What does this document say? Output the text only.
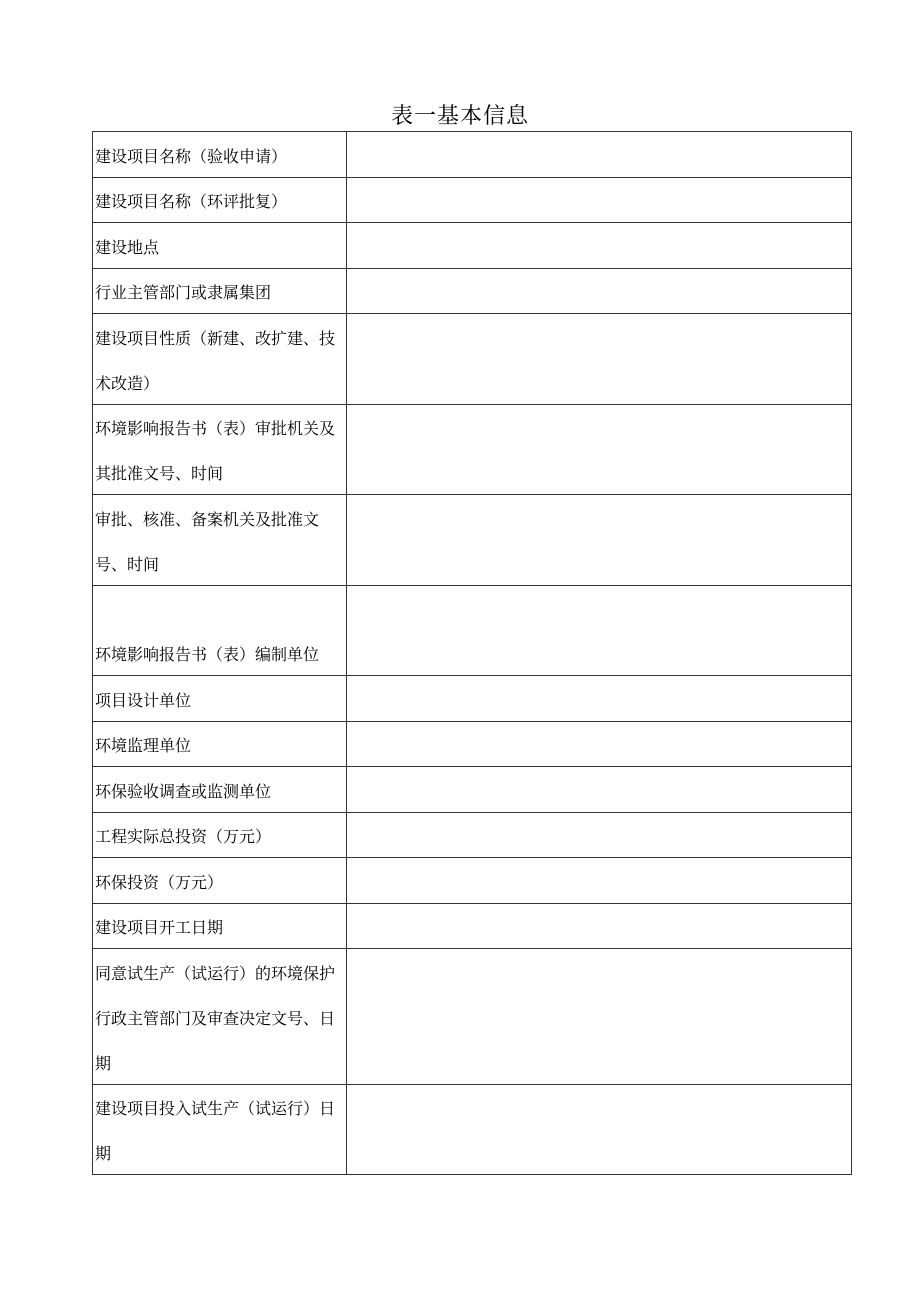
表一基本信息
建设项目名称（验收申请）	

建设项目名称（环评批复）	

建设地点	

行业主管部门或隶属集团	

建设项目性质（新建、改扩建、技术改造）	

环境影响报告书（表）审批机关及其批准文号、时间	

审批、核准、备案机关及批准文号、时间	

环境影响报告书（表）编制单位	

项目设计单位	

环境监理单位	

环保验收调查或监测单位	

工程实际总投资（万元）	

环保投资（万元）	

建设项目开工日期	

同意试生产（试运行）的环境保护行政主管部门及审查决定文号、日期	

建设项目投入试生产（试运行）日期	
